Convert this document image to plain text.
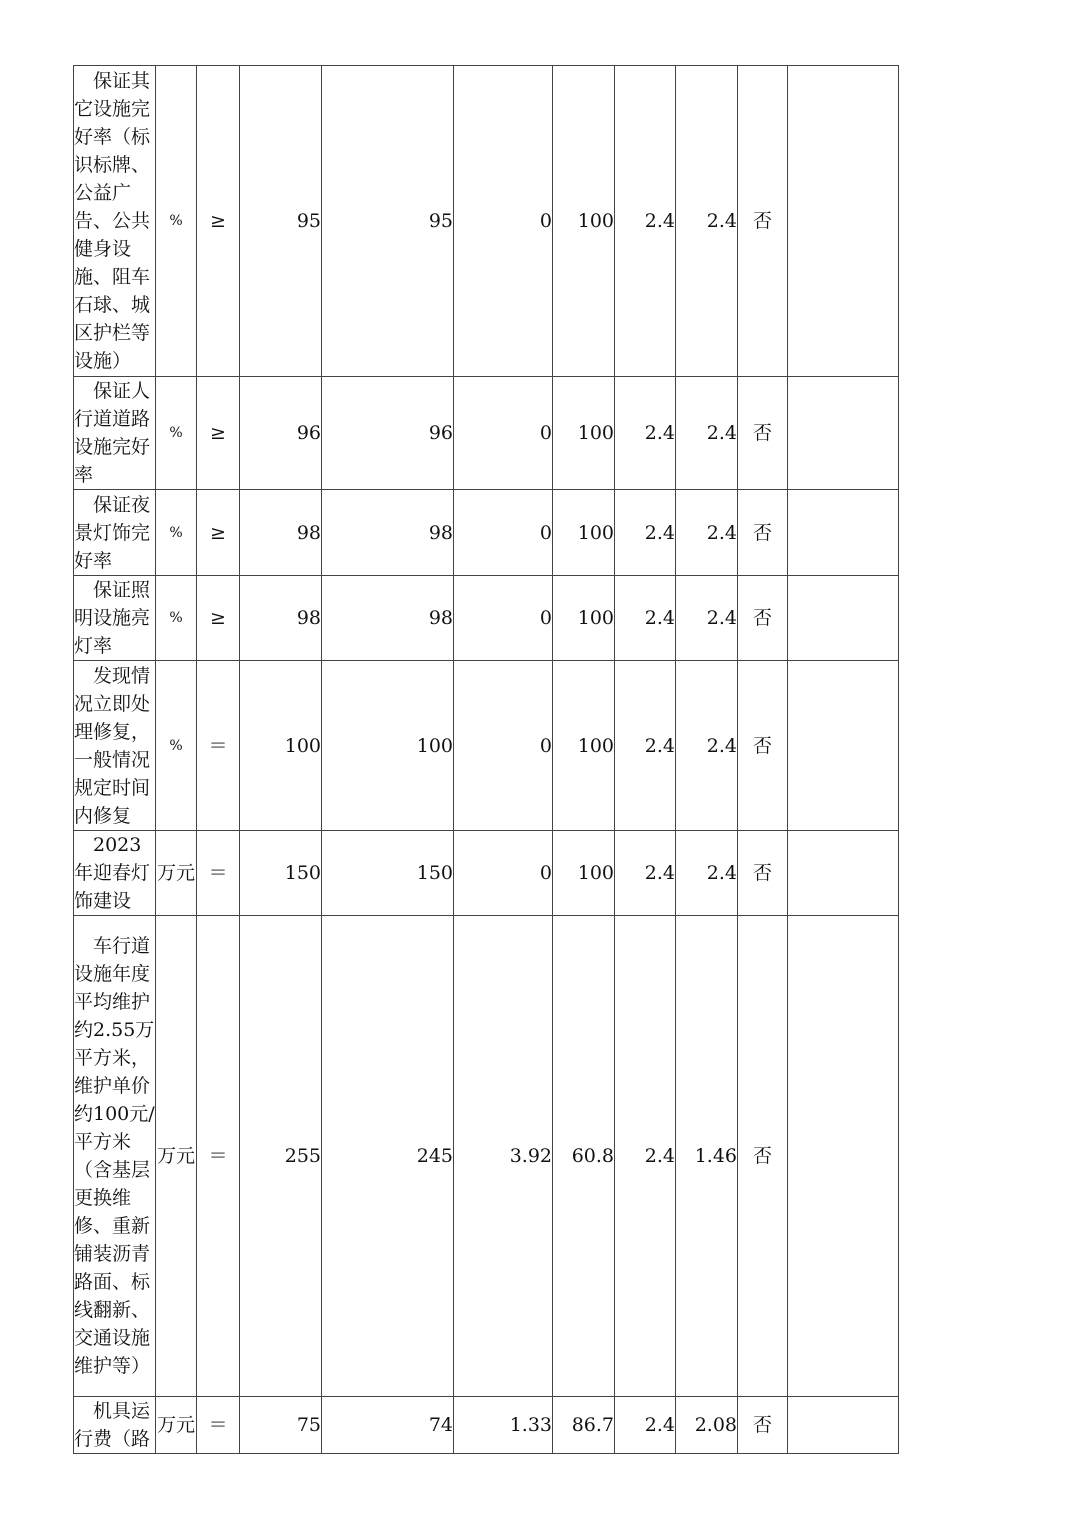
保证其它设施完好率（标识标牌、公益广告、公共健身设施、阻车石球、城区护栏等设施）	%	≥	95	95	0	100	2.4	2.4	否	

保证人行道道路设施完好率	%	≥	96	96	0	100	2.4	2.4	否	

保证夜景灯饰完好率	%	≥	98	98	0	100	2.4	2.4	否	

保证照明设施亮灯率	%	≥	98	98	0	100	2.4	2.4	否	

发现情况立即处理修复，一般情况规定时间内修复	%	＝	100	100	0	100	2.4	2.4	否	

2023年迎春灯饰建设	万元	＝	150	150	0	100	2.4	2.4	否	

车行道设施年度平均维护约2.55万平方米，维护单价约100元/平方米（含基层更换维修、重新铺装沥青路面、标线翻新、交通设施维护等）	万元	＝	255	245	3.92	60.8	2.4	1.46	否	

机具运行费（路	万元	＝	75	74	1.33	86.7	2.4	2.08	否	
